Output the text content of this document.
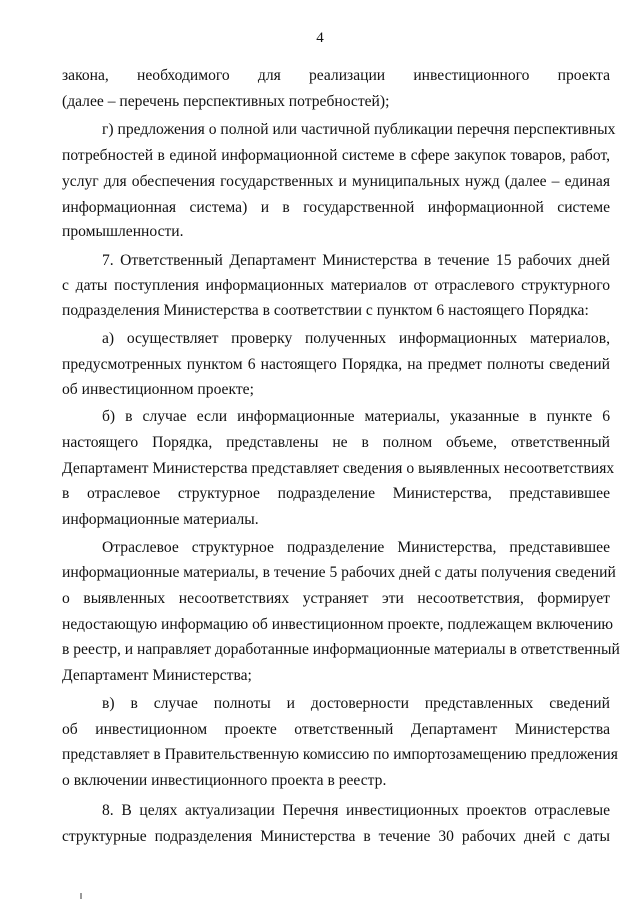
4
закона, необходимого для реализации инвестиционного проекта
(далее – перечень перспективных потребностей);
г) предложения о полной или частичной публикации перечня перспективных
потребностей в единой информационной системе в сфере закупок товаров, работ,
услуг для обеспечения государственных и муниципальных нужд (далее – единая
информационная система) и в государственной информационной системе
промышленности.
7. Ответственный Департамент Министерства в течение 15 рабочих дней
с даты поступления информационных материалов от отраслевого структурного
подразделения Министерства в соответствии с пунктом 6 настоящего Порядка:
а) осуществляет проверку полученных информационных материалов,
предусмотренных пунктом 6 настоящего Порядка, на предмет полноты сведений
об инвестиционном проекте;
б) в случае если информационные материалы, указанные в пункте 6
настоящего Порядка, представлены не в полном объеме, ответственный
Департамент Министерства представляет сведения о выявленных несоответствиях
в отраслевое структурное подразделение Министерства, представившее
информационные материалы.
Отраслевое структурное подразделение Министерства, представившее
информационные материалы, в течение 5 рабочих дней с даты получения сведений
о выявленных несоответствиях устраняет эти несоответствия, формирует
недостающую информацию об инвестиционном проекте, подлежащем включению
в реестр, и направляет доработанные информационные материалы в ответственный
Департамент Министерства;
в) в случае полноты и достоверности представленных сведений
об инвестиционном проекте ответственный Департамент Министерства
представляет в Правительственную комиссию по импортозамещению предложения
о включении инвестиционного проекта в реестр.
8. В целях актуализации Перечня инвестиционных проектов отраслевые
структурные подразделения Министерства в течение 30 рабочих дней с даты
